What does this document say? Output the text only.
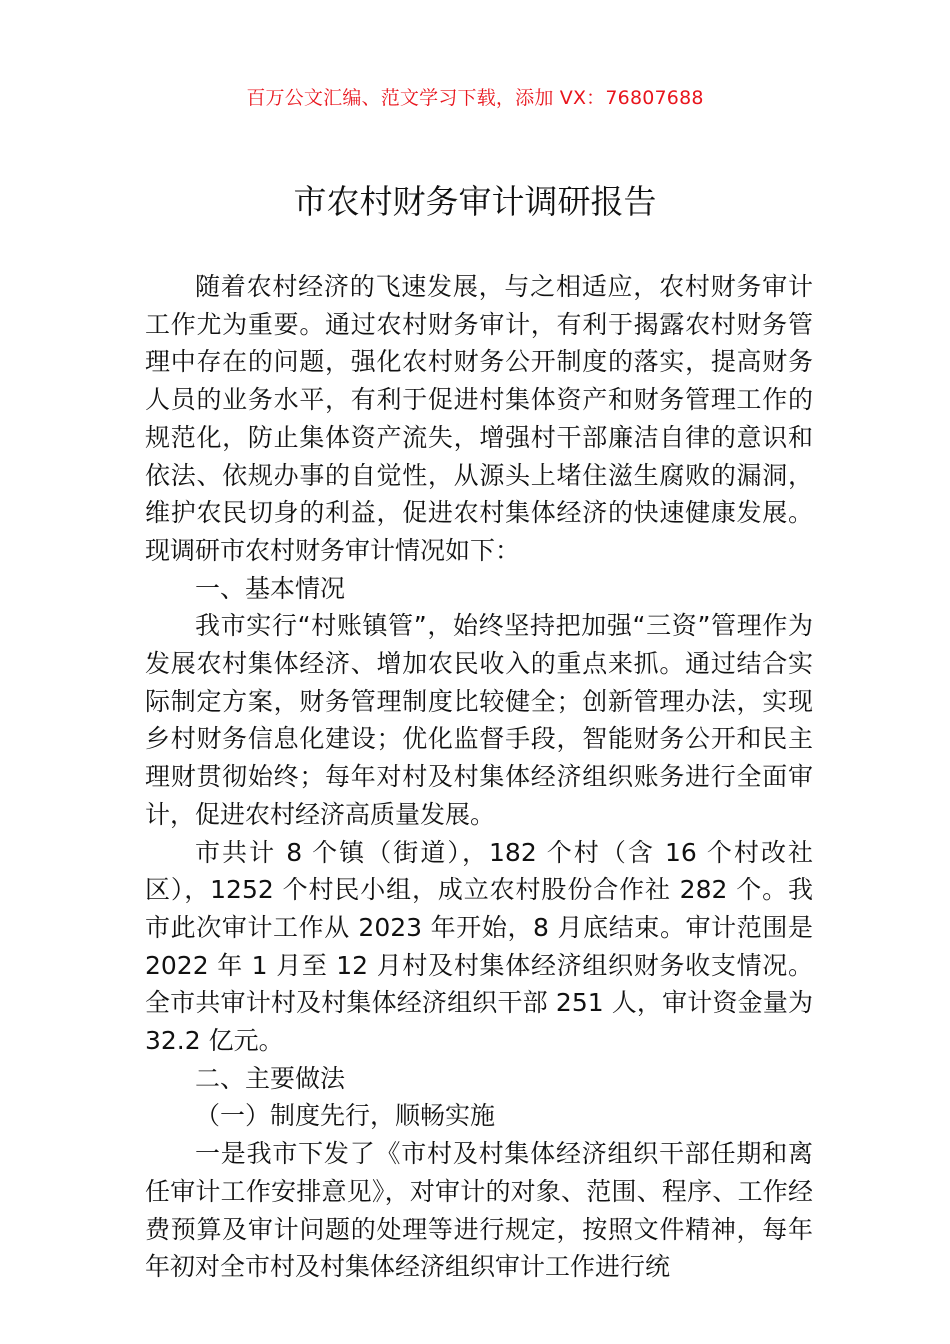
百万公文汇编、范文学习下载，添加 VX：76807688
市农村财务审计调研报告

随着农村经济的飞速发展，与之相适应，农村财务审计工作尤为重要。通过农村财务审计，有利于揭露农村财务管理中存在的问题，强化农村财务公开制度的落实，提高财务人员的业务水平，有利于促进村集体资产和财务管理工作的规范化，防止集体资产流失，增强村干部廉洁自律的意识和依法、依规办事的自觉性，从源头上堵住滋生腐败的漏洞，维护农民切身的利益，促进农村集体经济的快速健康发展。现调研市农村财务审计情况如下：

一、基本情况

我市实行“村账镇管”，始终坚持把加强“三资”管理作为发展农村集体经济、增加农民收入的重点来抓。通过结合实际制定方案，财务管理制度比较健全；创新管理办法，实现乡村财务信息化建设；优化监督手段，智能财务公开和民主理财贯彻始终；每年对村及村集体经济组织账务进行全面审计，促进农村经济高质量发展。

市共计 8 个镇（街道），182 个村（含 16 个村改社区），1252 个村民小组，成立农村股份合作社 282 个。我市此次审计工作从 2023 年开始，8 月底结束。审计范围是 2022 年 1 月至 12 月村及村集体经济组织财务收支情况。全市共审计村及村集体经济组织干部 251 人，审计资金量为 32.2 亿元。

二、主要做法

（一）制度先行，顺畅实施

一是我市下发了《市村及村集体经济组织干部任期和离任审计工作安排意见》，对审计的对象、范围、程序、工作经费预算及审计问题的处理等进行规定，按照文件精神，每年年初对全市村及村集体经济组织审计工作进行统
